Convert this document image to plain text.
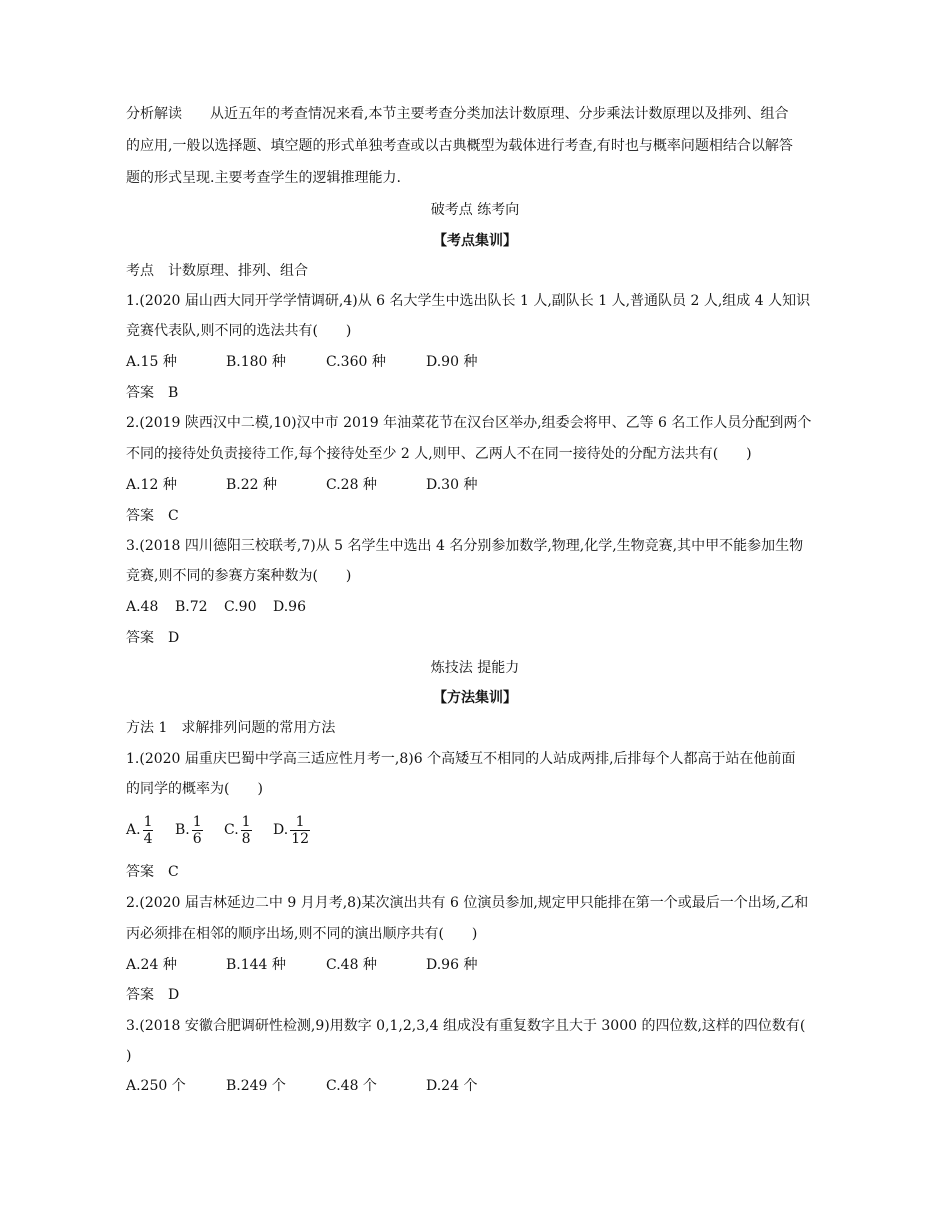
分析解读　　从近五年的考查情况来看,本节主要考查分类加法计数原理、分步乘法计数原理以及排列、组合
的应用,一般以选择题、填空题的形式单独考查或以古典概型为载体进行考查,有时也与概率问题相结合以解答
题的形式呈现.主要考查学生的逻辑推理能力.
破考点 练考向
【考点集训】
考点　计数原理、排列、组合
1.(2020 届山西大同开学学情调研,4)从 6 名大学生中选出队长 1 人,副队长 1 人,普通队员 2 人,组成 4 人知识
竞赛代表队,则不同的选法共有(　　)
A.15 种	B.180 种	C.360 种	D.90 种
答案　B
2.(2019 陕西汉中二模,10)汉中市 2019 年油菜花节在汉台区举办,组委会将甲、乙等 6 名工作人员分配到两个
不同的接待处负责接待工作,每个接待处至少 2 人,则甲、乙两人不在同一接待处的分配方法共有(　　)
A.12 种	B.22 种	C.28 种	D.30 种
答案　C
3.(2018 四川德阳三校联考,7)从 5 名学生中选出 4 名分别参加数学,物理,化学,生物竞赛,其中甲不能参加生物
竞赛,则不同的参赛方案种数为(　　)
A.48 B.72 C.90 D.96
答案　D
炼技法 提能力
【方法集训】
方法 1　求解排列问题的常用方法
1.(2020 届重庆巴蜀中学高三适应性月考一,8)6 个高矮互不相同的人站成两排,后排每个人都高于站在他前面
的同学的概率为(　　)
A. $\frac{1}{4} B$. $\frac{1}{6} C$. $\frac{1}{8} D$. $\frac{1}{12}$
答案　C
2.(2020 届吉林延边二中 9 月月考,8)某次演出共有 6 位演员参加,规定甲只能排在第一个或最后一个出场,乙和
丙必须排在相邻的顺序出场,则不同的演出顺序共有(　　)
A.24 种	B.144 种	C.48 种	D.96 种
答案　D
3.(2018 安徽合肥调研性检测,9)用数字 0,1,2,3,4 组成没有重复数字且大于 3000 的四位数,这样的四位数有(
)
A.250 个	B.249 个	C.48 个	D.24 个
